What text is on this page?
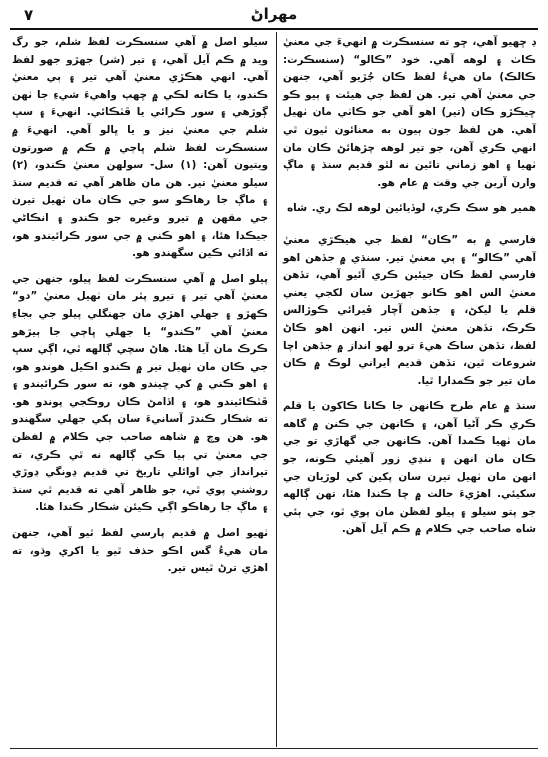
٧	مهراڻ

ڍ ڇهيو آهي، ڇو ته سنسڪرت ۾ انهيءَ جي معنيٰ ڪاٺ ۽ لوهه آهي. خود ”ڪالو“ (سنسڪرت: ڪالڪ) مان هيءُ لفظ ڪان جُڙيو آهي، جنهن جي معنيٰ آهي تير. هن لفظ جي هيئت ۽ ٻيو ڪو ڇيڪڙو ڪان (تير) اهو آهي جو ڪاٺي مان ٺهيل آهي. هن لفظ جون ٻيون به معنائون ٿيون ٿي انهي ڪري آهن، جو تير لوهه چڙهائڻ ڪان مان ٺهيا ۽ اهو زماني تائين نه لٿو قديم سنڌ ۽ ماڳ وارن آرين جي وقت ۾ عام هو.

همير هو سڪ ڪري، لوڏيائين لوهه لڪ ري. شاه

فارسي ۾ به ”ڪان“ لفظ جي هيڪڙي معنيٰ آهي ”ڪالو“ ۽ ٻي معنيٰ تير. سنڌي ۾ جڏهن اهو فارسي لفظ ڪان جيئين ڪري آئيو آهي، تڏهن معنيٰ الس اهو ڪانو جهڙين سان لکجي يعني قلم يا ليکڻ، ۽ جڏهن آچار ڦيرائي ڪوڙالس ڪرڪ، تڏهن معنيٰ الس تير. انهن اهو ڪاڻ لفظ، تڏهن ساڪ هيءَ ترو لهو انداز ۾ جڏهن اچا شروعات ٿين، تڏهن قديم ايراني لوڪ ۾ ڪان مان تير جو ڪمدارا ٿيا.

سنڌ ۾ عام طرح ڪانهن جا ڪانا ڪاکون يا قلم ڪري ڪر آڻيا آهن، ۽ ڪانهن جي ڪنن ۾ گاهه مان ٺهيا ڪمدا آهن. ڪانهن جي گهاڙي تو جي ڪان مان انهن ۽ ننڍي زور آهيئي ڪونه، جو انهن مان ٺهيل تيرن سان پکين کي لوڙيان جي سکيئي. اهڙيءَ حالت ۾ چا ڪندا هئا، تهن ڳالهه جو پتو سيلو ۽ پيلو لفظن مان پوي ٿو، جي ٻئي شاه صاحب جي ڪلام ۾ ڪم آيل آهن.

سيلو اصل ۾ آهي سنسڪرت لفظ شلم، جو رگ ويد ۾ ڪم آيل آهي، ۽ تير (شر) جهڙو جهو لفظ آهي. انهي هڪڙي معنيٰ آهي تير ۽ ٻي معنيٰ ڪندو، يا ڪانه لڪي ۾ ڇهپ واهيءَ شيءِ جا ٺهن ڳوڙهي ۽ سور ڪرائي يا ڦٽڪائي. انهيءَ ۽ سڀ شلم جي معنيٰ نيز و يا ڀالو آهي. انهيءَ ۾ سنسڪرت لفظ شلم ڀاڄي ۾ ڪم ۾ صورتون ويتيون آهن: (١) سل- سولهن معنيٰ ڪندو، (٢) سيلو معنيٰ تير. هن مان ظاهر آهي ته قديم سنڌ ۽ ماڳ جا رهاڪو سو جي ڪان مان ٺهيل تيرن جي مقهن ۾ تيرو وغيره جو ڪندو ۽ انڪاڻي جيڪدا هئا، ۽ اهو ڪني ۾ جي سور ڪرائيندو هو، ته اڏائي ڪين سگهندو هو.

پيلو اصل ۾ آهي سنسڪرت لفظ پيلو، جنهن جي معنيٰ آهي تير ۽ تيرو پٿر مان ٺهيل معنيٰ ”دو“ ڪهڙو ۽ جهلي اهڙي مان جهنگلي پيلو جي بجاءِ معنيٰ آهي ”ڪندو“ يا جهلي ڀاڄي جا ٻيڙهو ڪرڪ مان آيا هئا. هاڻ سچي ڳالهه ٿي، اڳي سڀ جي ڪان مان ٺهيل تير ۾ ڪندو اڪيل هوندو هو، ۽ اهو ڪني ۾ کي ڇيندو هو، ته سور ڪرائيندو ۽ ڦٽڪائيندو هو، ۽ اڏامڻ ڪان روڪجي پوندو هو. ته شڪار ڪندڙ آسانيءَ سان پکي جهلي سگهندو هو. هن وچ ۾ شاهه صاحب جي ڪلام ۾ لفظن جي معنيٰ تي ٻيا ڪي ڳالهه نه ٿي ڪري، ته تيرانداز جي اوائلي تاريخ تي قديم ڍونگي ڍوڙي روشني پوي ٿي، جو ظاهر آهي ته قديم ٿي سنڌ ۽ ماڳ جا رهاڪو اڳي ڪيئن شڪار ڪندا هئا.

ٺهيو اصل ۾ قديم پارسي لفظ ٿيو آهي، جنهن مان هيءُ گس اڪو حذف ٿيو يا اکري وڌو، ته اهڙي ترڻ ٿيس تير.
